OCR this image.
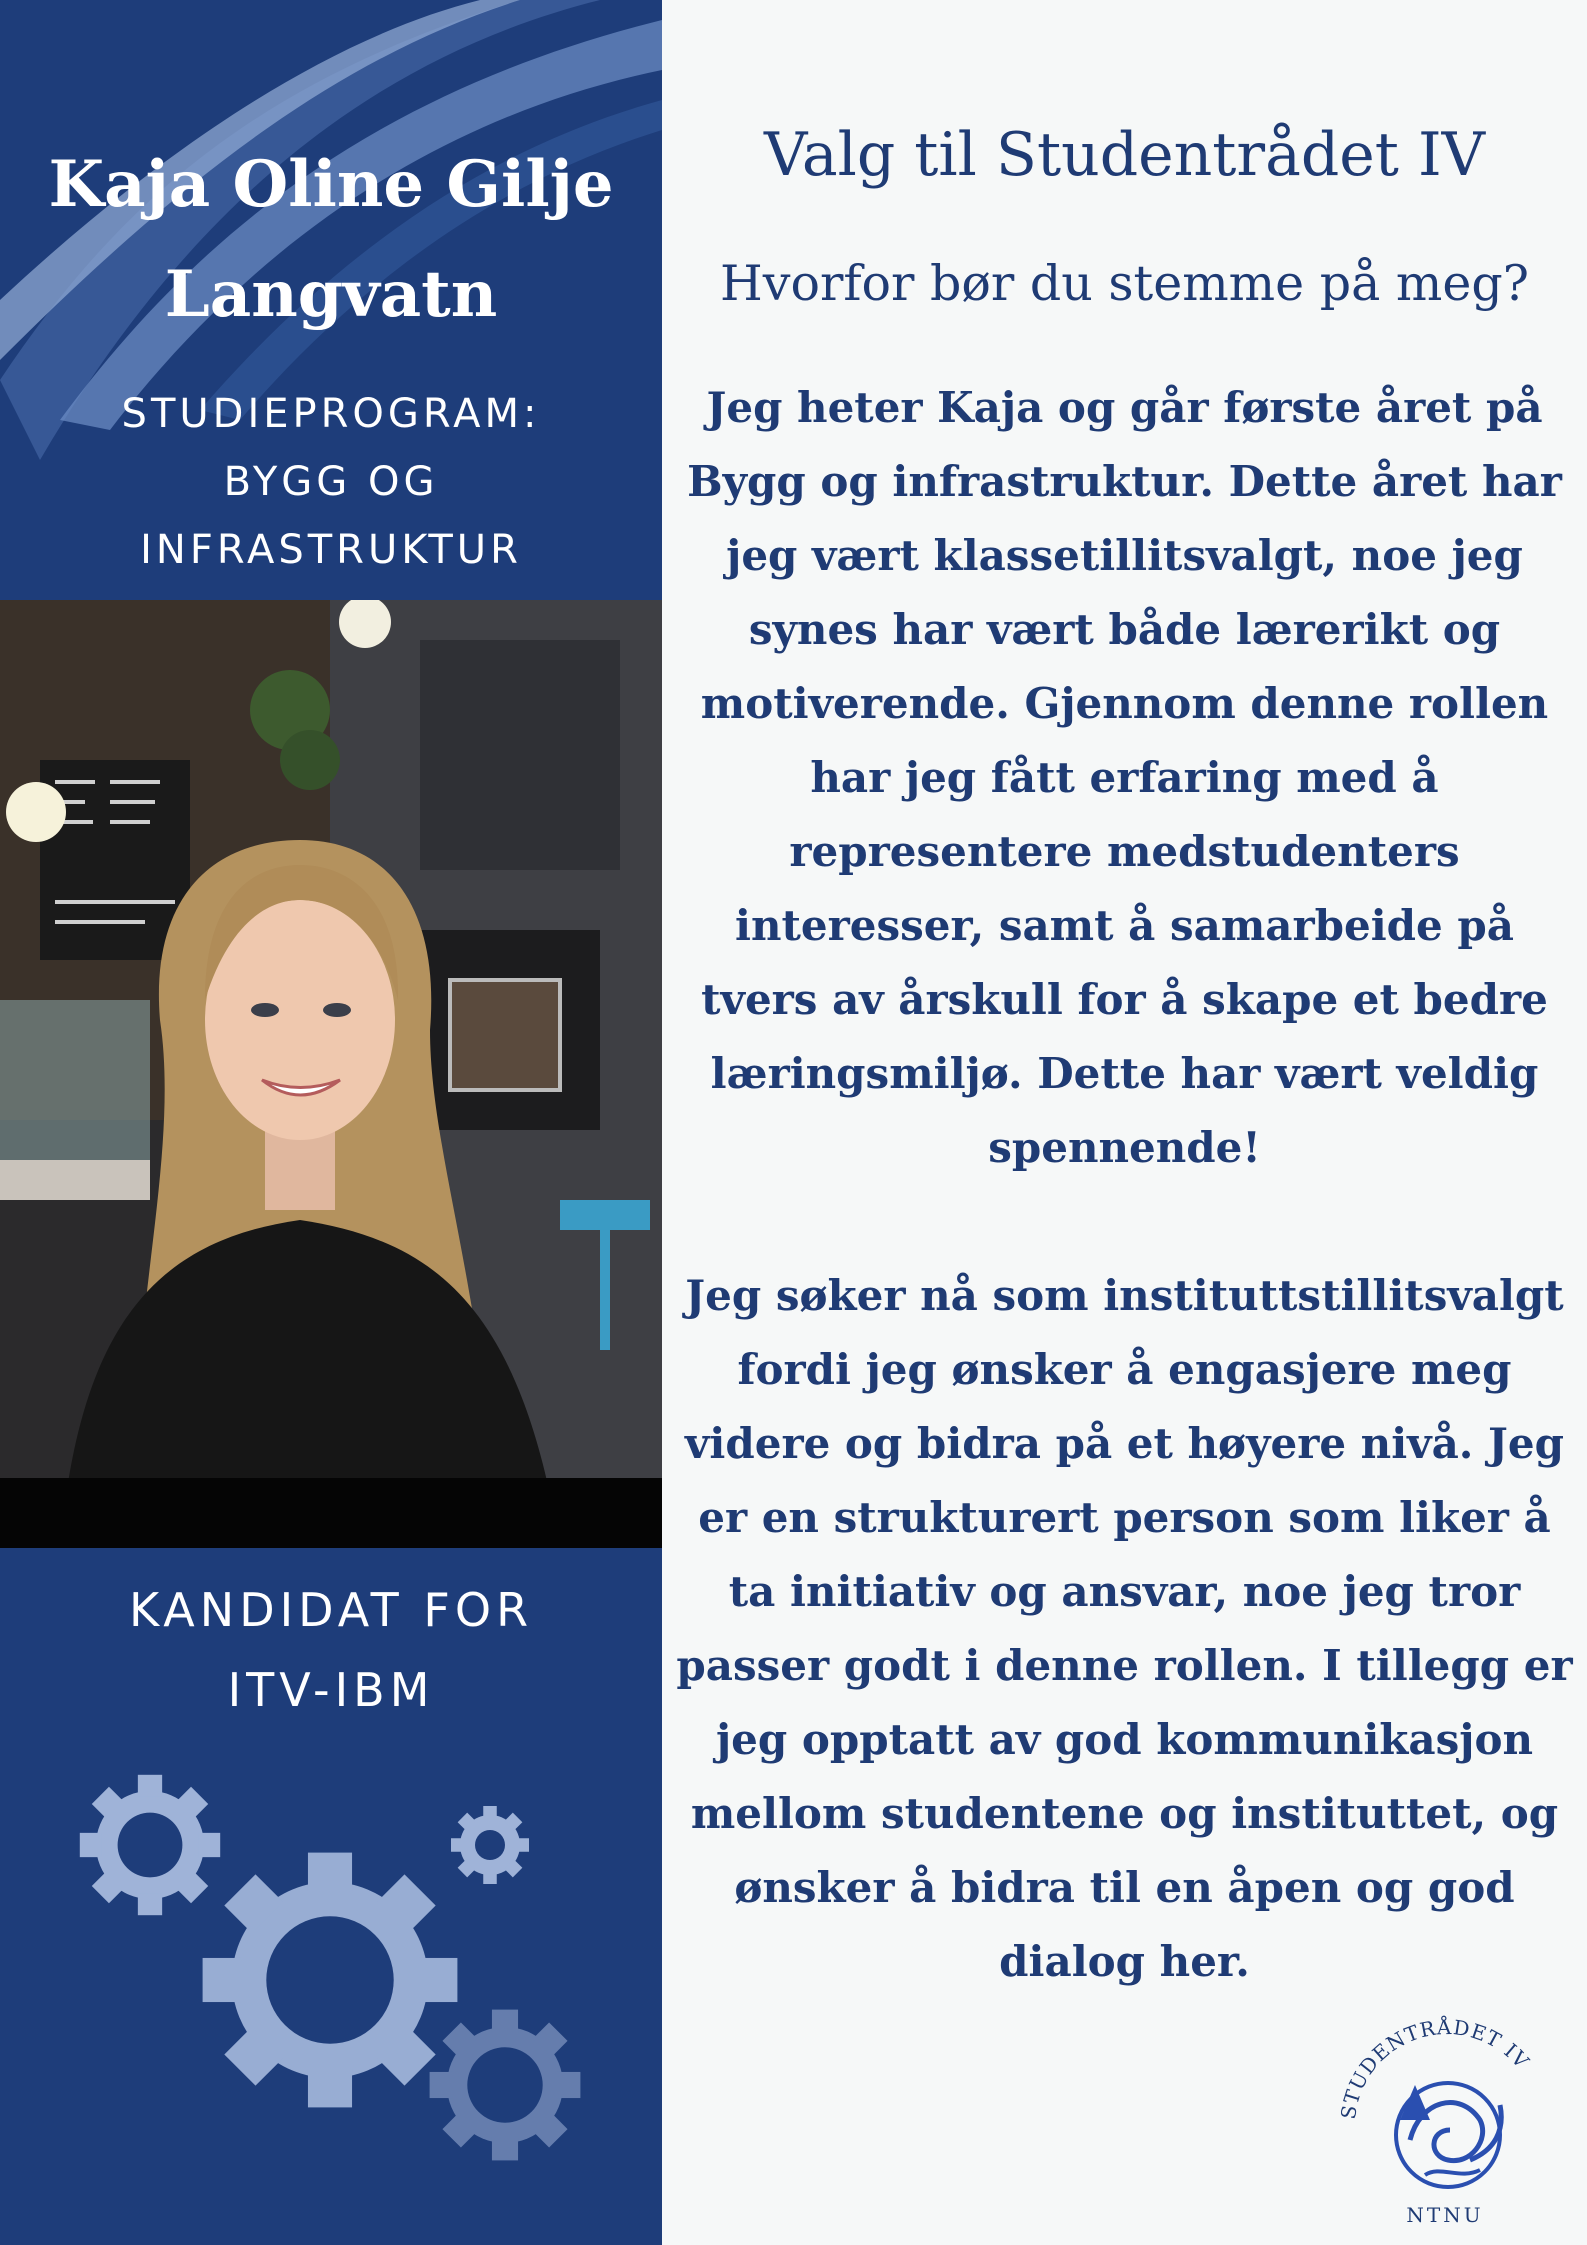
Kaja Oline Gilje
Langvatn
STUDIEPROGRAM:
BYGG OG
INFRASTRUKTUR
KANDIDAT FOR
ITV-IBM
Valg til Studentrådet IV
Hvorfor bør du stemme på meg?
Jeg heter Kaja og går første året på
Bygg og infrastruktur. Dette året har
jeg vært klassetillitsvalgt, noe jeg
synes har vært både lærerikt og
motiverende. Gjennom denne rollen
har jeg fått erfaring med å
representere medstudenters
interesser, samt å samarbeide på
tvers av årskull for å skape et bedre
læringsmiljø. Dette har vært veldig
spennende!
Jeg søker nå som instituttstillitsvalgt
fordi jeg ønsker å engasjere meg
videre og bidra på et høyere nivå. Jeg
er en strukturert person som liker å
ta initiativ og ansvar, noe jeg tror
passer godt i denne rollen. I tillegg er
jeg opptatt av god kommunikasjon
mellom studentene og instituttet, og
ønsker å bidra til en åpen og god
dialog her.
STUDENTRÅDET IV
NTNU
